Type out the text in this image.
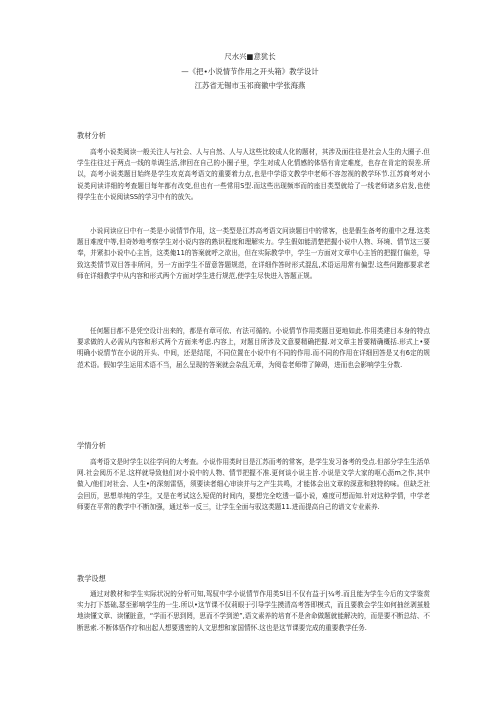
尺水兴■意犹长
—《把•小说情节作用之开头箱》教学设计
江苏省无锡市玉祁商徽中学张海燕
教材分析
高考小说类阅读一般关注人与社会、人与自然、人与人这些比较成人化的题材，其涉及面往往是社会人生的大圈子.但学生往往过于两点一线的单调生活,律回在自己的小圈子里，学生对成人化情感的体悟有肯定难度，也存在肯定的误差.所以，高考小说类题目始终是学生攻克高考语文的重要着力点,也是中学语文教学中老师不容忽视的教学环节.江苏商考对小说类问读详细的考查题目每年都有改变,但也有一些常用S型.而这些出现频率而的座目类型就给了一线老师诸多启发,也使得学生在小说阅读SS的学习中有的放矢。
小说问读应日中有一类是小说情节作用，这一类型是江苏高考语文问读题目中的常客，也是假生备考的重中之理.这类题目难度中等,但奇妙地考察学生对小说内容的熟识程度和理解实力。学生假如能清楚把握小说中人物、环境、情节这三要奉，并紧扣小说中心主旨，这类俺11的答案就呼之欲出，但在实际教学中，学生一方面对文章中心主旨的把握仃偏差，导致这类情节双目答非所问，另一方面学生不留意答题规范，在详细作答时形式混乱,术语运用常有偏型.这些问跑都要求老师在详细教学中从内容和形式两个方面对学生进行规范,使学生尽快进入答题正规。
任何题目都不是凭空设计出来的，都是有章可依、有法可循的。小说情节作用类题目更地如此.作用类建目本身的特点要求做的人必需从内容和形式两个方面来考虑.内容上，对题目所涉及文意要精确把握.对文章主旨要精确概括.形式上•要明确小说情节在小说的开头、中间，还是结尾，不同位置在小说中有不同的作用.而不同的作用在详细回答是又有6定的规范术语。假如学生运用术语不当，届么呈现的答案就会杂乱无章，为阅卷老师带了障碍，进而也会影响学生分数.
学情分析
高考语文是时学生以往学问的大考查。小说作用类时目是江苏而考的常客，是学生发习备考的受点.但部分学生生活单网.社会阅历不足.这样就导致他们对小说中的人物、情节把握不准.更何谈小说主旨.小说是文学大家的呕心沥m之作,其中做入/他们对社会、人生•的深刻雷悟，须要读者细心审读并与之产生共鸣，才能体会出文章的深意和独特的味。但缺乏社会回历，思想单纯的学生，又是在考试这么短促的时间内，要想完全吃透一篇小说，难度可想而知.针对这种学情，中学老师要在平常的教学中不断加强，通过举一反三，让学生全面与驭这类题11.进而提高自己的谱文专业素养.
教学设想
通过对教材和学生实际状况的分析可知,驾驭中学小说情节作用类Sl目不仅有益于|¼考.而且能为学生今后的文学鉴赏实力打下基础,瑟至影响学生的一生.所以•这节课不仅莉眼于引导学生摸清高考答即模式，而且要教会学生如何抽丝剥茧般地读懂文章、读懂脏意，“学而不思到罔，思而不学到逆”,语文素养的培育不是舍命做题就能解决的，而是要不断总结、不断思索.不断体悟作疗和出起人想要透密的人文思想和家国情怀.这也是这节课要完成的重要教学任务.
